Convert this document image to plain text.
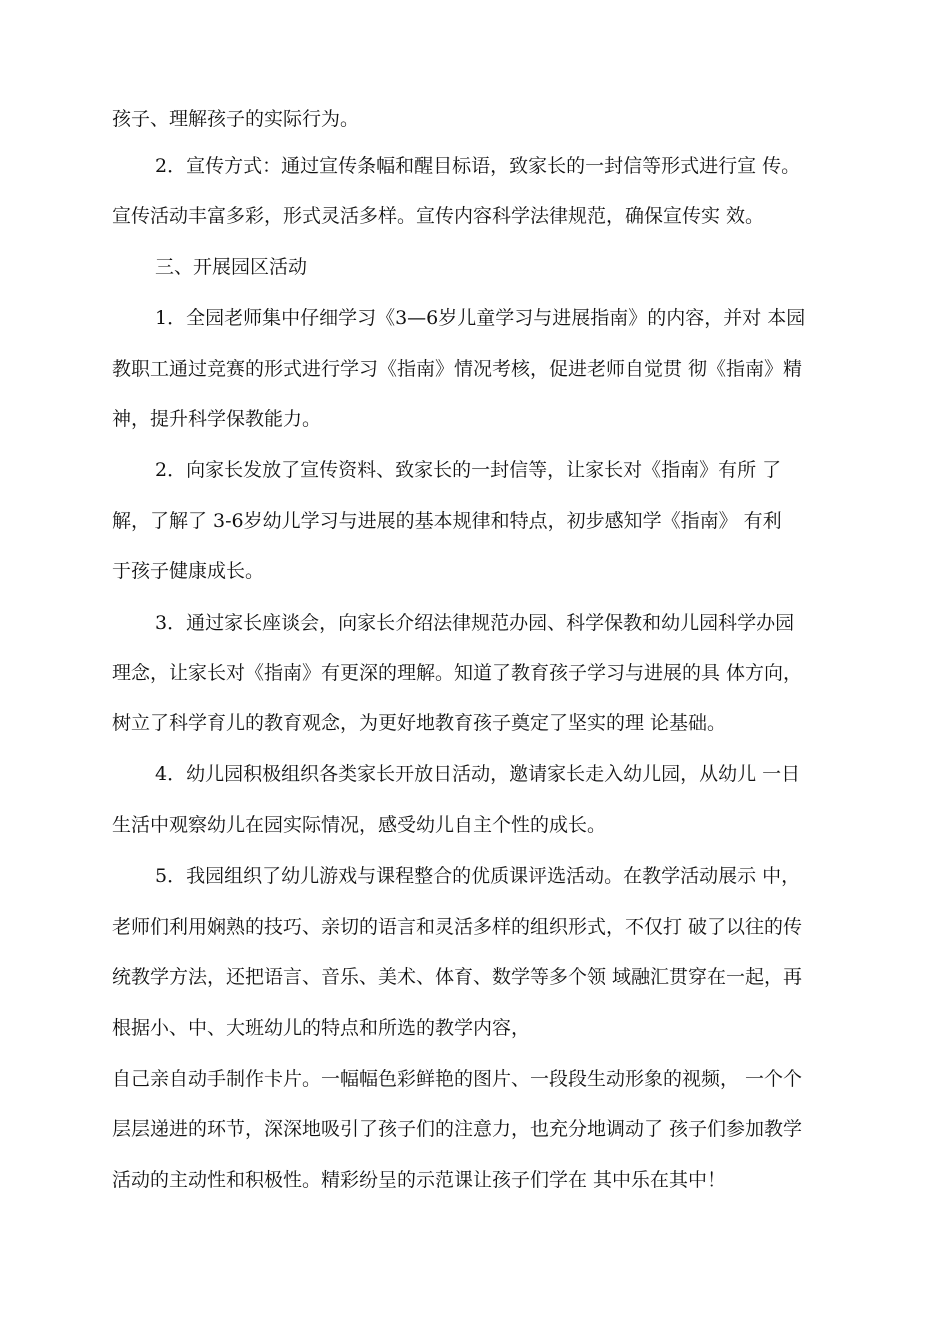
孩子、理解孩子的实际行为。
2．宣传方式：通过宣传条幅和醒目标语，致家长的一封信等形式进行宣 传。
宣传活动丰富多彩，形式灵活多样。宣传内容科学法律规范，确保宣传实 效。
三、开展园区活动
1．全园老师集中仔细学习《3—6岁儿童学习与进展指南》的内容，并对 本园
教职工通过竞赛的形式进行学习《指南》情况考核，促进老师自觉贯 彻《指南》精
神，提升科学保教能力。
2．向家长发放了宣传资料、致家长的一封信等，让家长对《指南》有所 了
解，了解了 3-6岁幼儿学习与进展的基本规律和特点，初步感知学《指南》 有利
于孩子健康成长。
3．通过家长座谈会，向家长介绍法律规范办园、科学保教和幼儿园科学办园
理念，让家长对《指南》有更深的理解。知道了教育孩子学习与进展的具 体方向，
树立了科学育儿的教育观念，为更好地教育孩子奠定了坚实的理 论基础。
4．幼儿园积极组织各类家长开放日活动，邀请家长走入幼儿园，从幼儿 一日
生活中观察幼儿在园实际情况，感受幼儿自主个性的成长。
5．我园组织了幼儿游戏与课程整合的优质课评选活动。在教学活动展示 中，
老师们利用娴熟的技巧、亲切的语言和灵活多样的组织形式，不仅打 破了以往的传
统教学方法，还把语言、音乐、美术、体育、数学等多个领 域融汇贯穿在一起，再
根据小、中、大班幼儿的特点和所选的教学内容，
自己亲自动手制作卡片。一幅幅色彩鲜艳的图片、一段段生动形象的视频， 一个个
层层递进的环节，深深地吸引了孩子们的注意力，也充分地调动了 孩子们参加教学
活动的主动性和积极性。精彩纷呈的示范课让孩子们学在 其中乐在其中！
